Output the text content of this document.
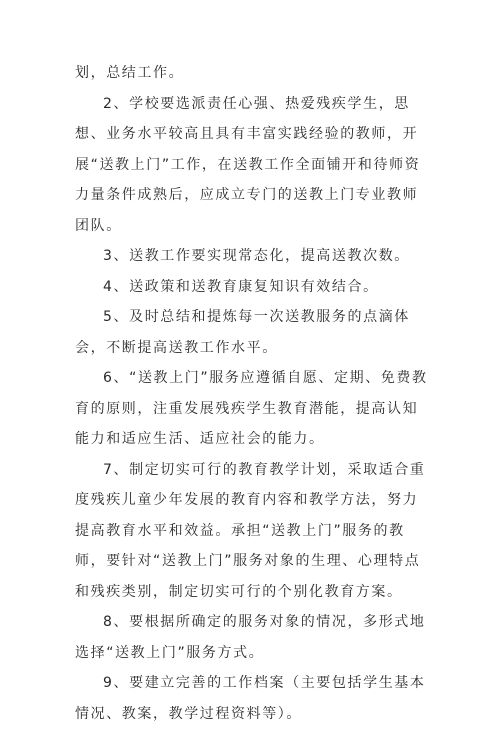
划，总结工作。

2、学校要选派责任心强、热爱残疾学生，思想、业务水平较高且具有丰富实践经验的教师，开展“送教上门”工作，在送教工作全面铺开和待师资力量条件成熟后，应成立专门的送教上门专业教师团队。

3、送教工作要实现常态化，提高送教次数。

4、送政策和送教育康复知识有效结合。

5、及时总结和提炼每一次送教服务的点滴体会，不断提高送教工作水平。

6、“送教上门”服务应遵循自愿、定期、免费教育的原则，注重发展残疾学生教育潜能，提高认知能力和适应生活、适应社会的能力。

7、制定切实可行的教育教学计划，采取适合重度残疾儿童少年发展的教育内容和教学方法，努力提高教育水平和效益。承担“送教上门”服务的教师，要针对“送教上门”服务对象的生理、心理特点和残疾类别，制定切实可行的个别化教育方案。

8、要根据所确定的服务对象的情况，多形式地选择“送教上门”服务方式。

9、要建立完善的工作档案（主要包括学生基本情况、教案，教学过程资料等）。
